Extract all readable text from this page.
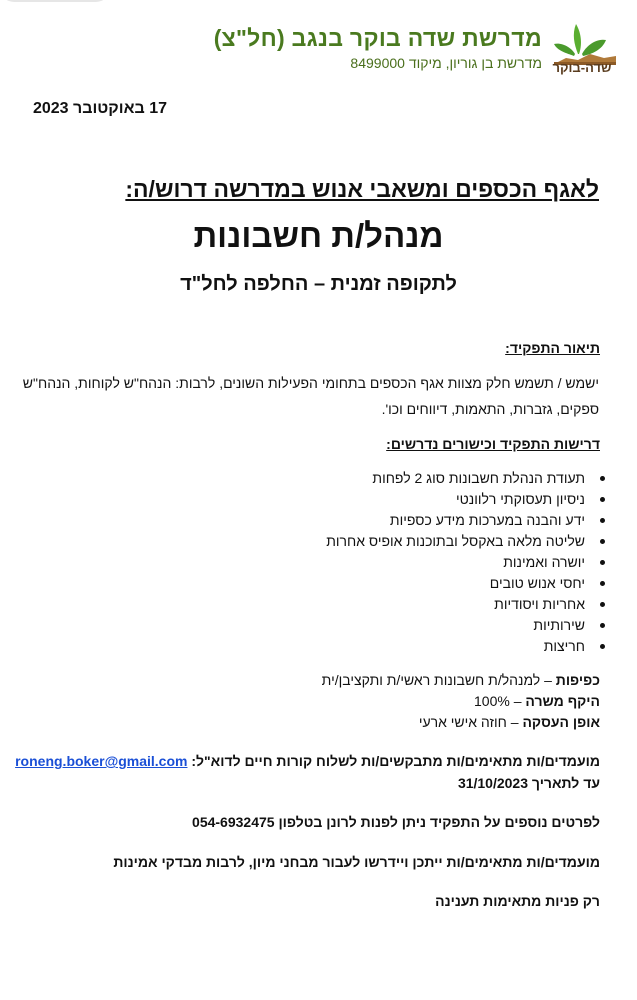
מדרשת שדה בוקר בנגב (חל"צ)
מדרשת בן גוריון, מיקוד 8499000 שדה-בוקר
17 באוקטובר 2023
לאגף הכספים ומשאבי אנוש במדרשה דרוש/ה:
מנהל/ת חשבונות
לתקופה זמנית – החלפה לחל"ד
תיאור התפקיד:
ישמש / תשמש חלק מצוות אגף הכספים בתחומי הפעילות השונים, לרבות: הנהח"ש לקוחות, הנהח"ש ספקים, גזברות, התאמות, דיווחים וכו'.
דרישות התפקיד וכישורים נדרשים:
תעודת הנהלת חשבונות סוג 2 לפחות
ניסיון תעסוקתי רלוונטי
ידע והבנה במערכות מידע כספיות
שליטה מלאה באקסל ובתוכנות אופיס אחרות
יושרה ואמינות
יחסי אנוש טובים
אחריות ויסודיות
שירותיות
חריצות
כפיפות – למנהל/ת חשבונות ראשי/ת ותקציבן/ית
היקף משרה – 100%
אופן העסקה – חוזה אישי ארעי
מועמדים/ות מתאימים/ות מתבקשים/ות לשלוח קורות חיים לדוא"ל: roneng.boker@gmail.com
עד לתאריך 31/10/2023
לפרטים נוספים על התפקיד ניתן לפנות לרונן בטלפון 054-6932475
מועמדים/ות מתאימים/ות ייתכן ויידרשו לעבור מבחני מיון, לרבות מבדקי אמינות
רק פניות מתאימות תענינה
